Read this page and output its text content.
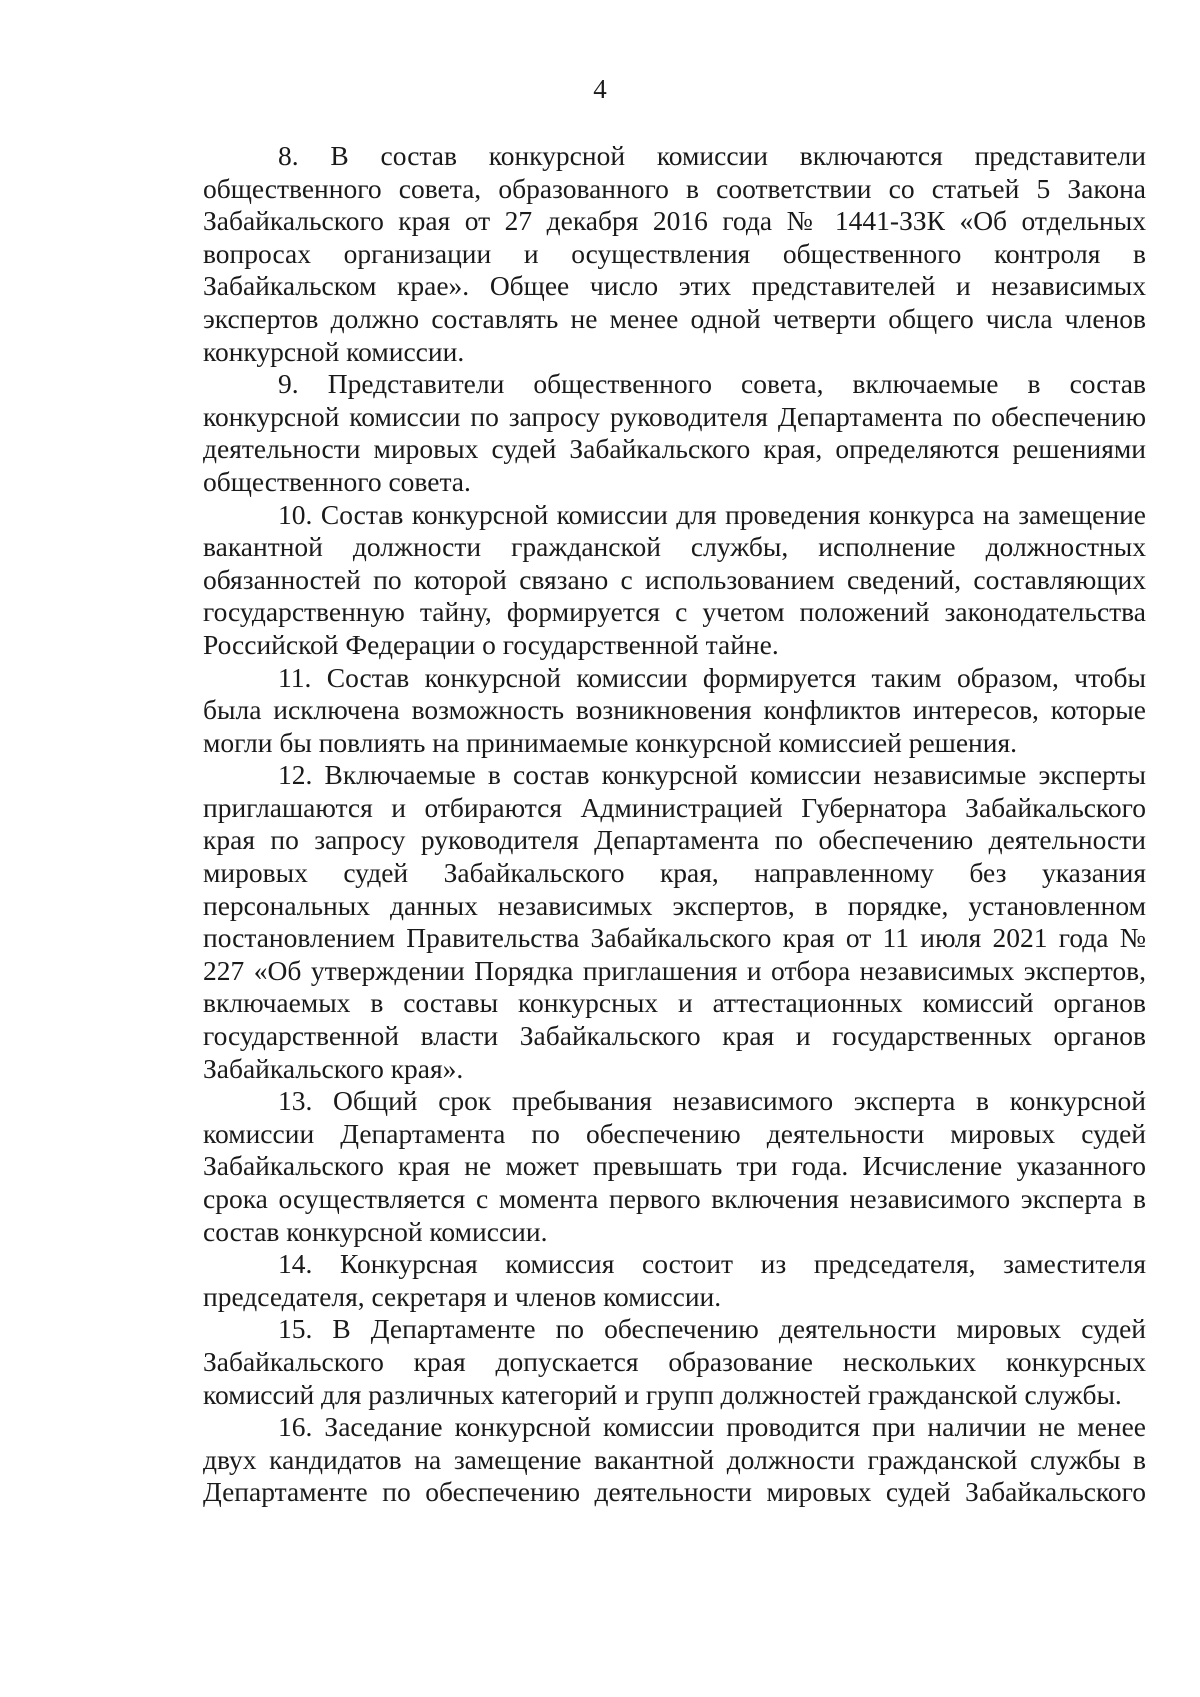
4

8. В состав конкурсной комиссии включаются представители общественного совета, образованного в соответствии со статьей 5 Закона Забайкальского края от 27 декабря 2016 года № 1441-ЗЗК «Об отдельных вопросах организации и осуществления общественного контроля в Забайкальском крае». Общее число этих представителей и независимых экспертов должно составлять не менее одной четверти общего числа членов конкурсной комиссии.

9. Представители общественного совета, включаемые в состав конкурсной комиссии по запросу руководителя Департамента по обеспечению деятельности мировых судей Забайкальского края, определяются решениями общественного совета.

10. Состав конкурсной комиссии для проведения конкурса на замещение вакантной должности гражданской службы, исполнение должностных обязанностей по которой связано с использованием сведений, составляющих государственную тайну, формируется с учетом положений законодательства Российской Федерации о государственной тайне.

11. Состав конкурсной комиссии формируется таким образом, чтобы была исключена возможность возникновения конфликтов интересов, которые могли бы повлиять на принимаемые конкурсной комиссией решения.

12. Включаемые в состав конкурсной комиссии независимые эксперты приглашаются и отбираются Администрацией Губернатора Забайкальского края по запросу руководителя Департамента по обеспечению деятельности мировых судей Забайкальского края, направленному без указания персональных данных независимых экспертов, в порядке, установленном постановлением Правительства Забайкальского края от 11 июля 2021 года № 227 «Об утверждении Порядка приглашения и отбора независимых экспертов, включаемых в составы конкурсных и аттестационных комиссий органов государственной власти Забайкальского края и государственных органов Забайкальского края».

13. Общий срок пребывания независимого эксперта в конкурсной комиссии Департамента по обеспечению деятельности мировых судей Забайкальского края не может превышать три года. Исчисление указанного срока осуществляется с момента первого включения независимого эксперта в состав конкурсной комиссии.

14. Конкурсная комиссия состоит из председателя, заместителя председателя, секретаря и членов комиссии.

15. В Департаменте по обеспечению деятельности мировых судей Забайкальского края допускается образование нескольких конкурсных комиссий для различных категорий и групп должностей гражданской службы.

16. Заседание конкурсной комиссии проводится при наличии не менее двух кандидатов на замещение вакантной должности гражданской службы в Департаменте по обеспечению деятельности мировых судей Забайкальского
